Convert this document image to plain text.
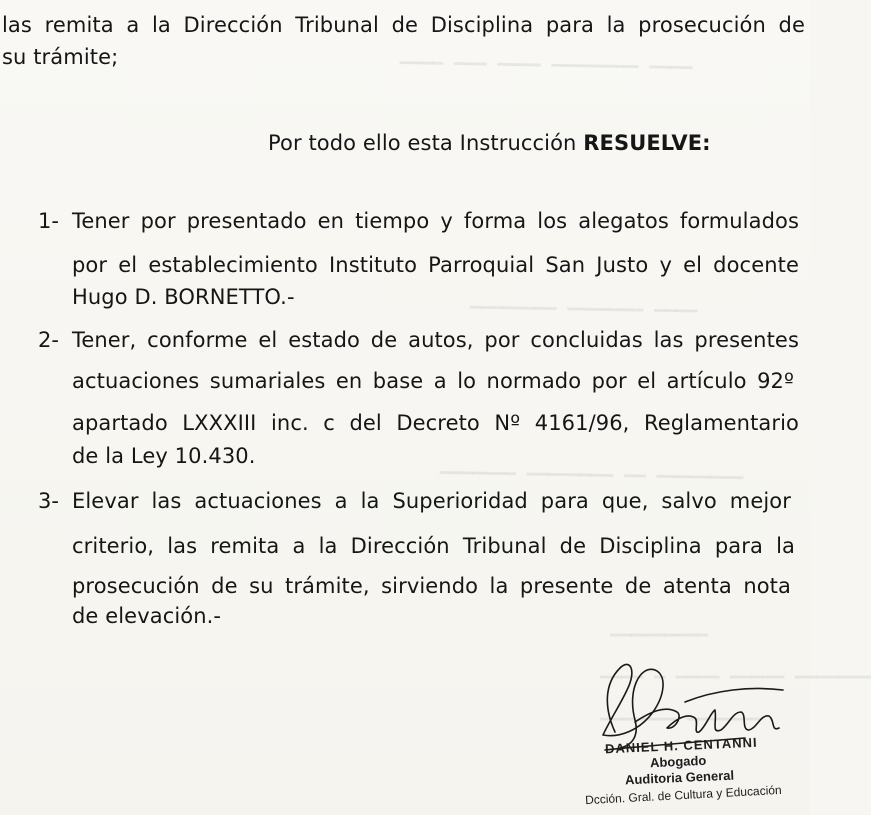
▁▁▁▁ ▁▁▁ ▁▁▁▁ ▁▁▁▁▁▁▁▁ ▁▁▁▁
▁▁▁▁▁▁▁▁ ▁▁▁▁▁▁▁ ▁▁▁▁
▁▁▁▁▁▁▁ ▁▁▁▁▁▁▁▁ ▁▁ ▁▁▁▁▁▁▁▁
▁▁▁▁▁▁▁▁▁
▁▁▁▁ ▁ ▁▁▁▁ ▁▁▁▁▁ ▁▁▁▁▁▁▁
▁▁▁▁▁▁▁ ▁▁▁▁▁▁▁
las remita a la Dirección Tribunal de Disciplina para la prosecución de
su trámite;
Por todo ello esta Instrucción RESUELVE:
1- Tener por presentado en tiempo y forma los alegatos formulados
por el establecimiento Instituto Parroquial San Justo y el docente
Hugo D. BORNETTO.-
2- Tener, conforme el estado de autos, por concluidas las presentes
actuaciones sumariales en base a lo normado por el artículo 92º
apartado LXXXIII inc. c del Decreto Nº 4161/96, Reglamentario
de la Ley 10.430.
3- Elevar las actuaciones a la Superioridad para que, salvo mejor
criterio, las remita a la Dirección Tribunal de Disciplina para la
prosecución de su trámite, sirviendo la presente de atenta nota
de elevación.-
DANIEL H. CENTANNI
Abogado
Auditoria General
Dcción. Gral. de Cultura y Educación
